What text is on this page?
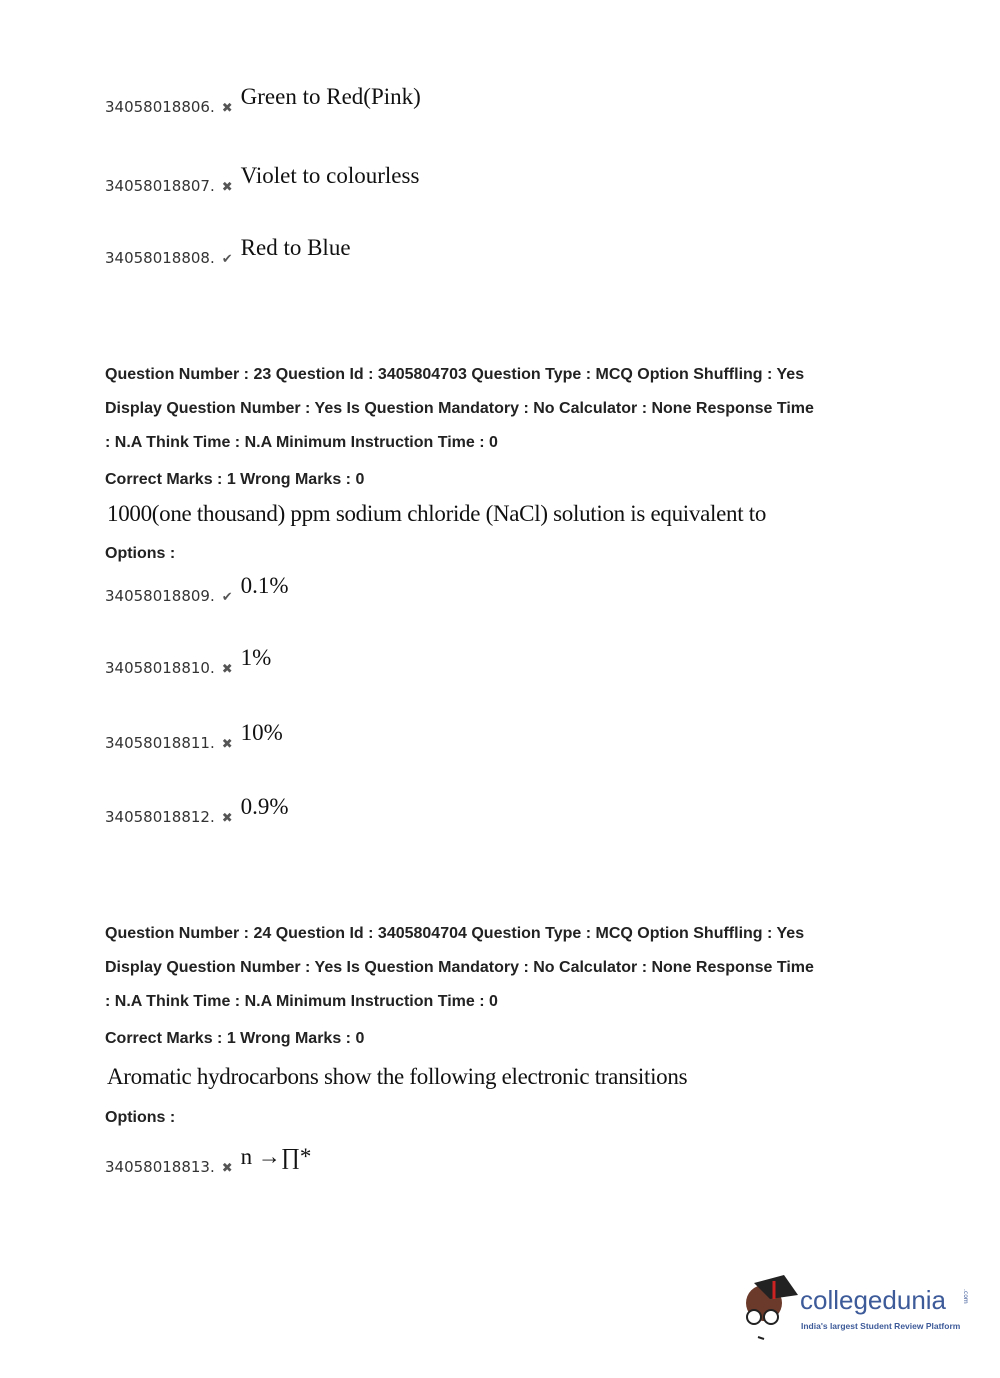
34058018806. ✖ Green to Red(Pink)
34058018807. ✖ Violet to colourless
34058018808. ✔ Red to Blue
34058018809. ✔ 0.1%
34058018810. ✖ 1%
34058018811. ✖ 10%
34058018812. ✖ 0.9%
34058018813. ✖ n →∏*
Question Number : 23 Question Id : 3405804703 Question Type : MCQ Option Shuffling : Yes
Display Question Number : Yes Is Question Mandatory : No Calculator : None Response Time
: N.A Think Time : N.A Minimum Instruction Time : 0
Correct Marks : 1 Wrong Marks : 0
1000(one thousand) ppm sodium chloride (NaCl) solution is equivalent to
Options :
Question Number : 24 Question Id : 3405804704 Question Type : MCQ Option Shuffling : Yes
Display Question Number : Yes Is Question Mandatory : No Calculator : None Response Time
: N.A Think Time : N.A Minimum Instruction Time : 0
Correct Marks : 1 Wrong Marks : 0
Aromatic hydrocarbons show the following electronic transitions
Options :
collegedunia	.com
India's largest Student Review Platform
